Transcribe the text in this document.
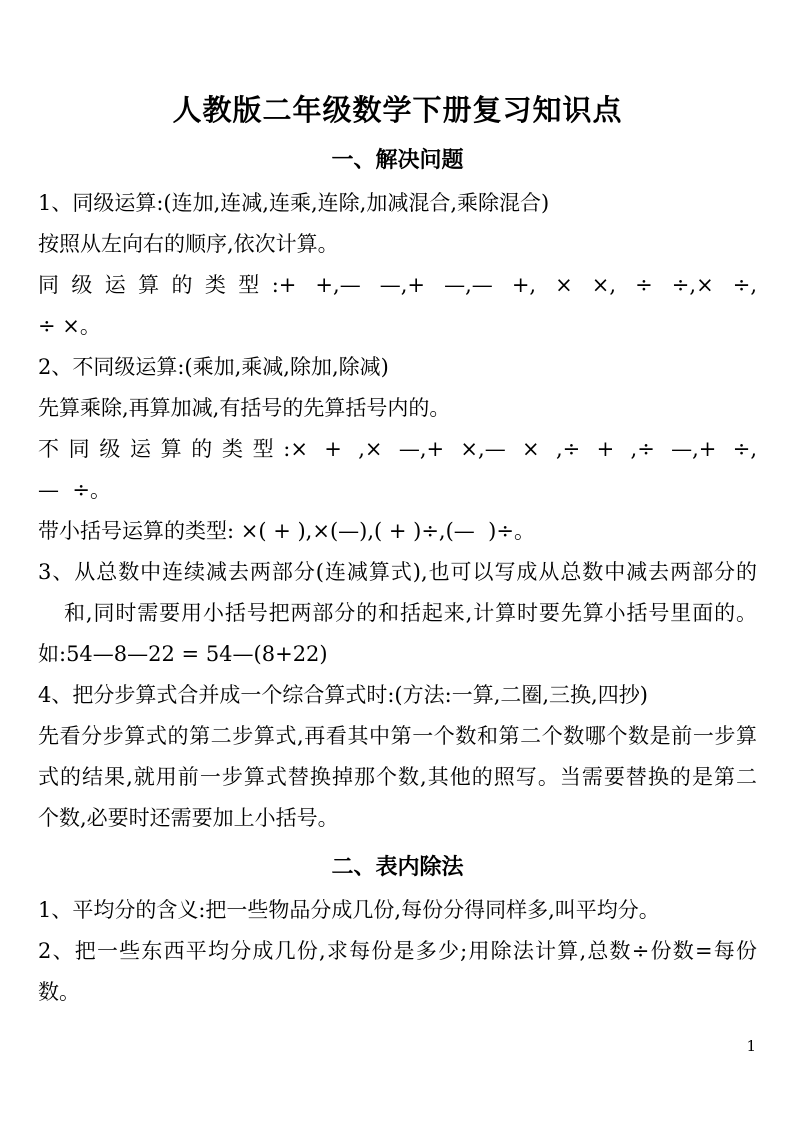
人教版二年级数学下册复习知识点
一、解决问题
1、同级运算:(连加,连减,连乘,连除,加减混合,乘除混合)
按照从左向右的顺序,依次计算。
同级运算的类型:+ +,— —,+ —,— +, × ×, ÷ ÷,× ÷,
÷ ×。
2、不同级运算:(乘加,乘减,除加,除减)
先算乘除,再算加减,有括号的先算括号内的。
不同级运算的类型:× + ,× —,+ ×,— × ,÷ + ,÷ —,+ ÷,
—  ÷。
带小括号运算的类型: ×( + ),×(—),( + )÷,(—  )÷。
3、从总数中连续减去两部分(连减算式),也可以写成从总数中减去两部分的
和,同时需要用小括号把两部分的和括起来,计算时要先算小括号里面的。
如:54—8—22 = 54—(8+22)
4、把分步算式合并成一个综合算式时:(方法:一算,二圈,三换,四抄)
先看分步算式的第二步算式,再看其中第一个数和第二个数哪个数是前一步算
式的结果,就用前一步算式替换掉那个数,其他的照写。当需要替换的是第二
个数,必要时还需要加上小括号。
二、表内除法
1、平均分的含义:把一些物品分成几份,每份分得同样多,叫平均分。
2、把一些东西平均分成几份,求每份是多少;用除法计算,总数÷份数=每份
数。
1
